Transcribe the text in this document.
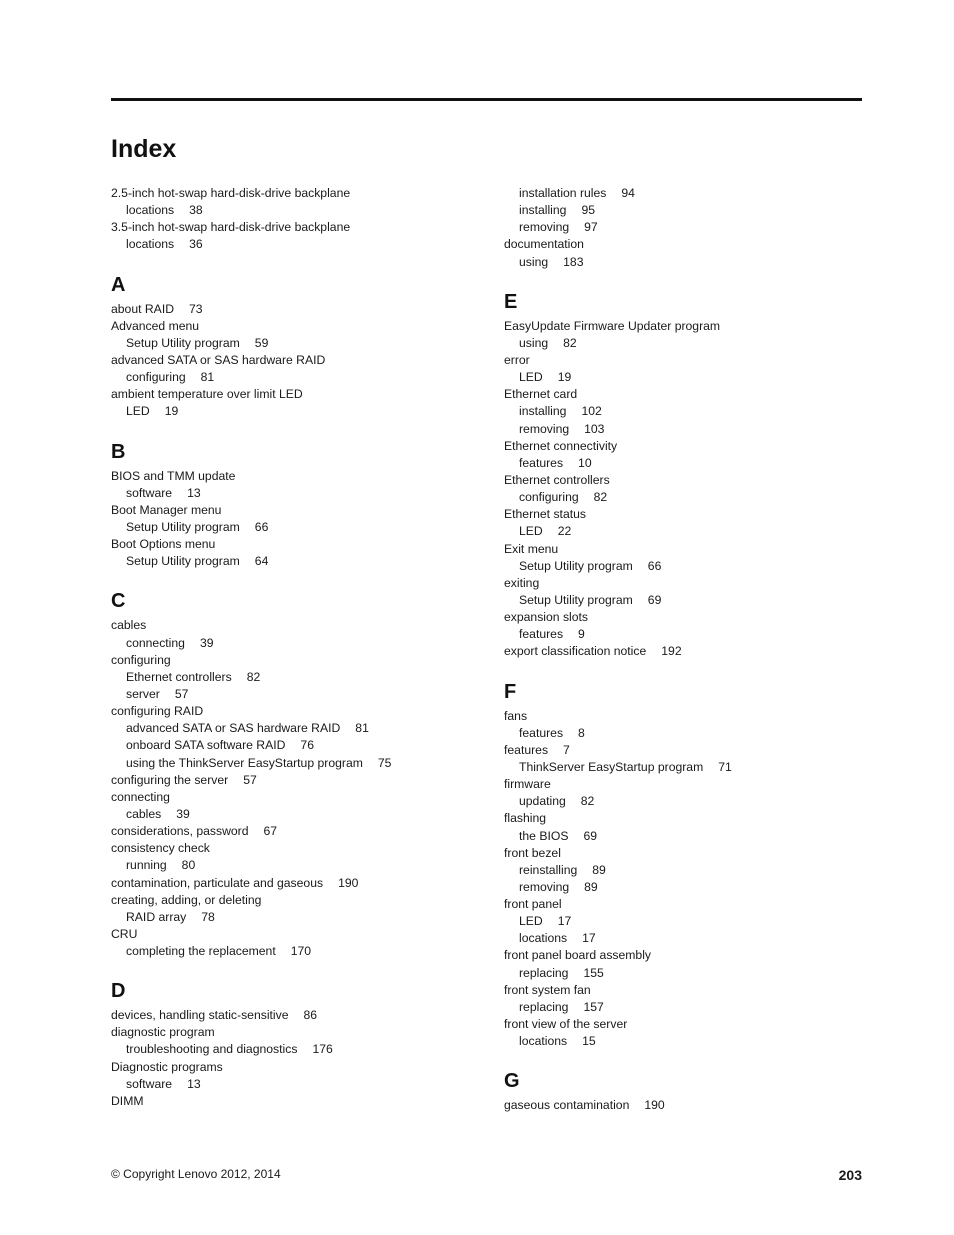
Index
2.5-inch hot-swap hard-disk-drive backplane
locations 38
3.5-inch hot-swap hard-disk-drive backplane
locations 36
A
about RAID 73
Advanced menu
Setup Utility program 59
advanced SATA or SAS hardware RAID
configuring 81
ambient temperature over limit LED
LED 19
B
BIOS and TMM update
software 13
Boot Manager menu
Setup Utility program 66
Boot Options menu
Setup Utility program 64
C
cables
connecting 39
configuring
Ethernet controllers 82
server 57
configuring RAID
advanced SATA or SAS hardware RAID 81
onboard SATA software RAID 76
using the ThinkServer EasyStartup program 75
configuring the server 57
connecting
cables 39
considerations, password 67
consistency check
running 80
contamination, particulate and gaseous 190
creating, adding, or deleting
RAID array 78
CRU
completing the replacement 170
D
devices, handling static-sensitive 86
diagnostic program
troubleshooting and diagnostics 176
Diagnostic programs
software 13
DIMM
installation rules 94
installing 95
removing 97
documentation
using 183
E
EasyUpdate Firmware Updater program
using 82
error
LED 19
Ethernet card
installing 102
removing 103
Ethernet connectivity
features 10
Ethernet controllers
configuring 82
Ethernet status
LED 22
Exit menu
Setup Utility program 66
exiting
Setup Utility program 69
expansion slots
features 9
export classification notice 192
F
fans
features 8
features 7
ThinkServer EasyStartup program 71
firmware
updating 82
flashing
the BIOS 69
front bezel
reinstalling 89
removing 89
front panel
LED 17
locations 17
front panel board assembly
replacing 155
front system fan
replacing 157
front view of the server
locations 15
G
gaseous contamination 190
© Copyright Lenovo 2012, 2014	203
